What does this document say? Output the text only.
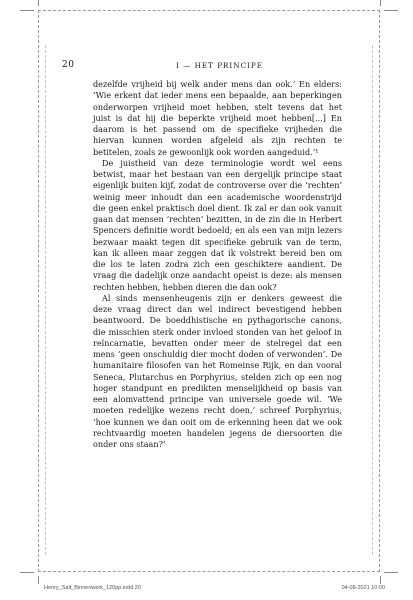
20	I — HET PRINCIPE

dezelfde vrijheid bij welk ander mens dan ook.’ En elders: ‘Wie erkent dat ieder mens een bepaalde, aan beperkingen onderworpen vrijheid moet hebben, stelt tevens dat het juist is dat hij die beperkte vrijheid moet hebben[...] En daarom is het passend om de specifieke vrijheden die hiervan kunnen worden afgeleid als zijn rechten te betitelen, zoals ze gewoonlijk ook worden aangeduid.’¹

De juistheid van deze terminologie wordt wel eens betwist, maar het bestaan van een dergelijk principe staat eigenlijk buiten kijf, zodat de controverse over die ‘rechten’ weinig meer inhoudt dan een academische woordenstrijd die geen enkel praktisch doel dient. Ik zal er dan ook vanuit gaan dat mensen ‘rechten’ bezitten, in de zin die in Herbert Spencers definitie wordt bedoeld; en als een van mijn lezers bezwaar maakt tegen dit specifieke gebruik van de term, kan ik alleen maar zeggen dat ik volstrekt bereid ben om die los te laten zodra zich een geschiktere aandient. De vraag die dadelijk onze aandacht opeist is deze: als mensen rechten hebben, hebben dieren die dan ook?

Al sinds mensenheugenis zijn er denkers geweest die deze vraag direct dan wel indirect bevestigend hebben beantwoord. De boeddhistische en pythagorische canons, die misschien sterk onder invloed stonden van het geloof in reïncarnatie, bevatten onder meer de stelregel dat een mens ‘geen onschuldig dier mocht doden of verwonden’. De humanitaire filosofen van het Romeinse Rijk, en dan vooral Seneca, Plutarchus en Porphyrius, stelden zich op een nog hoger standpunt en predikten menselijkheid op basis van een alomvattend principe van universele goede wil. ‘We moeten redelijke wezens recht doen,’ schreef Porphyrius, ‘hoe kunnen we dan ooit om de erkenning heen dat we ook rechtvaardig moeten handelen jegens de diersoorten die onder ons staan?’

Henry_Salt_Binnenwerk_120pp.indd 20	04-08-2021 10:00
